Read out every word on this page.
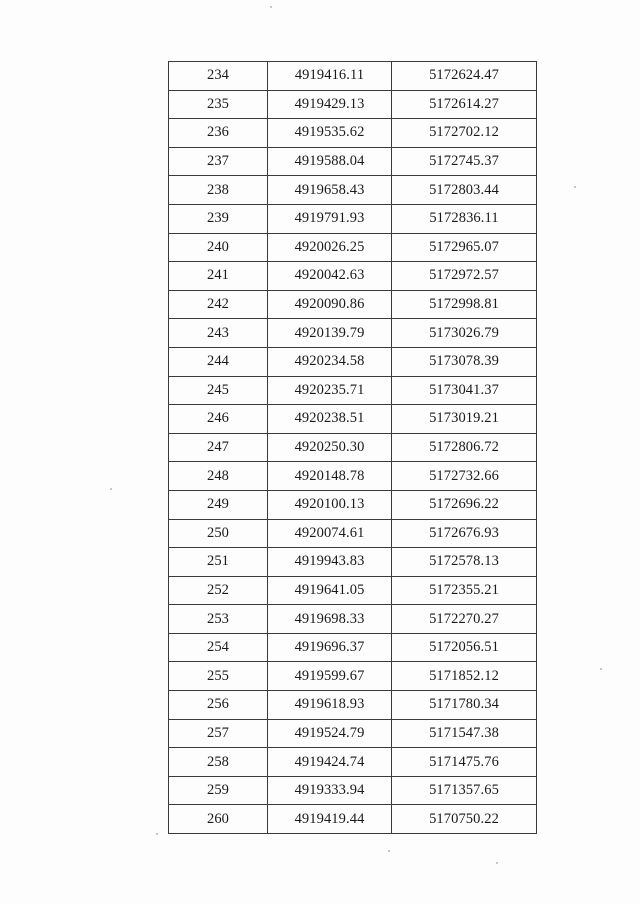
234	4919416.11	5172624.47
235	4919429.13	5172614.27
236	4919535.62	5172702.12
237	4919588.04	5172745.37
238	4919658.43	5172803.44
239	4919791.93	5172836.11
240	4920026.25	5172965.07
241	4920042.63	5172972.57
242	4920090.86	5172998.81
243	4920139.79	5173026.79
244	4920234.58	5173078.39
245	4920235.71	5173041.37
246	4920238.51	5173019.21
247	4920250.30	5172806.72
248	4920148.78	5172732.66
249	4920100.13	5172696.22
250	4920074.61	5172676.93
251	4919943.83	5172578.13
252	4919641.05	5172355.21
253	4919698.33	5172270.27
254	4919696.37	5172056.51
255	4919599.67	5171852.12
256	4919618.93	5171780.34
257	4919524.79	5171547.38
258	4919424.74	5171475.76
259	4919333.94	5171357.65
260	4919419.44	5170750.22
